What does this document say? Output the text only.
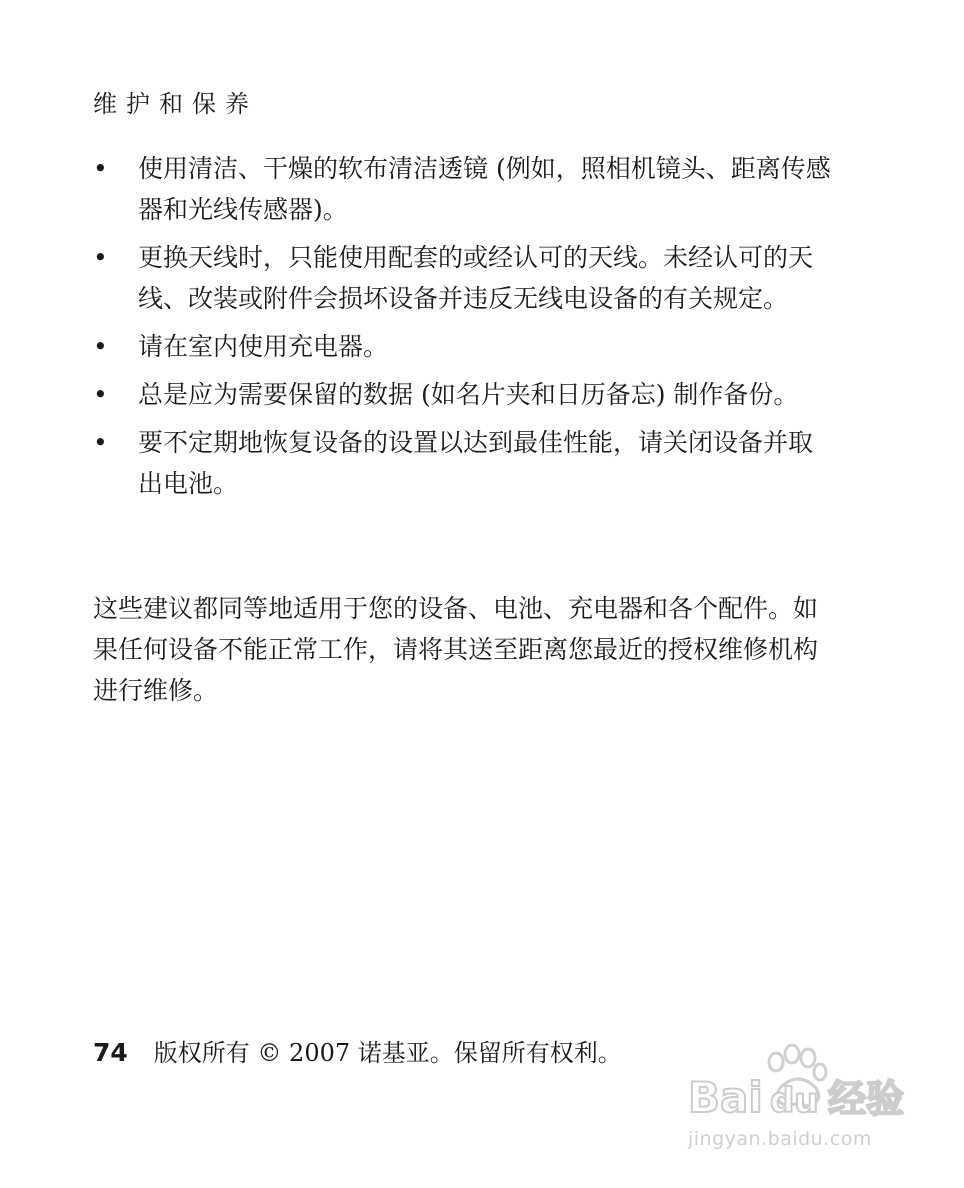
维护和保养
• 使用清洁、干燥的软布清洁透镜 (例如，照相机镜头、距离传感器和光线传感器)。
• 更换天线时，只能使用配套的或经认可的天线。未经认可的天线、改装或附件会损坏设备并违反无线电设备的有关规定。
• 请在室内使用充电器。
• 总是应为需要保留的数据 (如名片夹和日历备忘) 制作备份。
• 要不定期地恢复设备的设置以达到最佳性能，请关闭设备并取出电池。

这些建议都同等地适用于您的设备、电池、充电器和各个配件。如果任何设备不能正常工作，请将其送至距离您最近的授权维修机构进行维修。

74 版权所有 © 2007 诺基亚。保留所有权利。
Bai du 经验
jingyan.baidu.com
